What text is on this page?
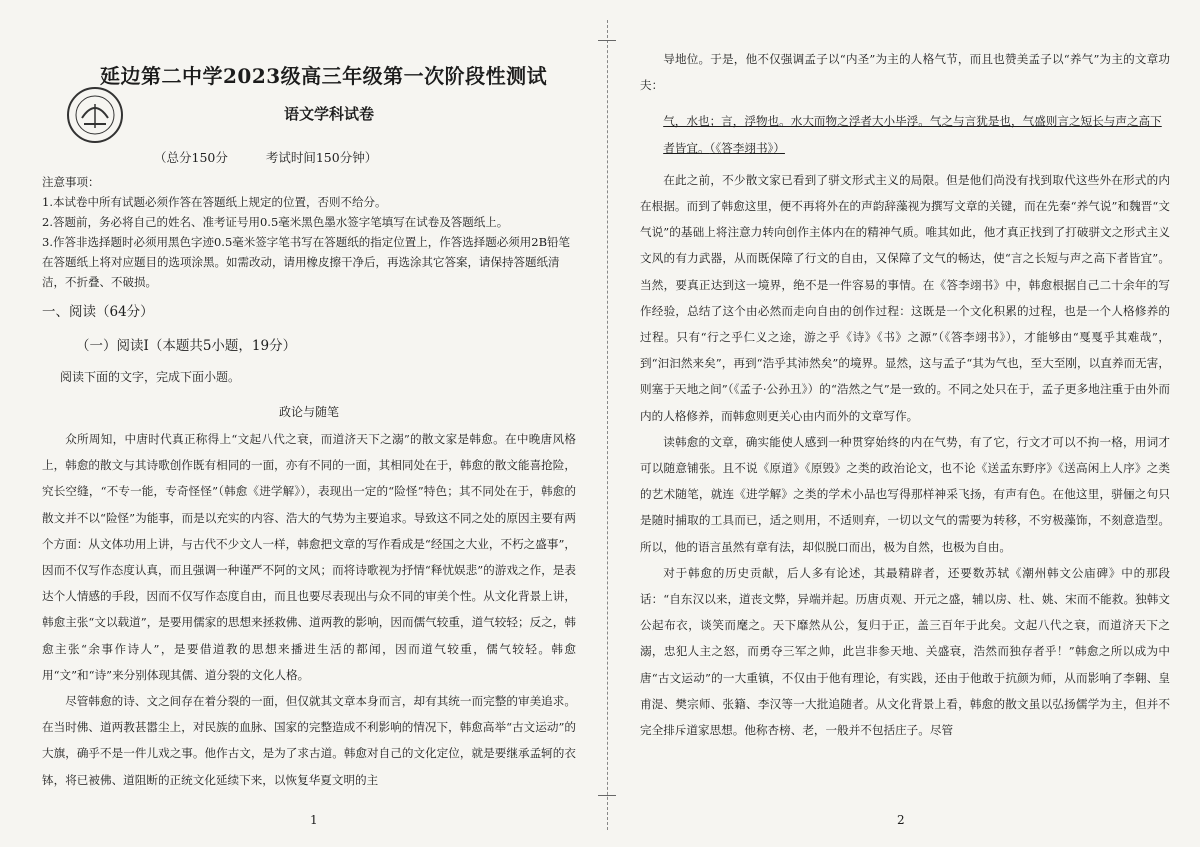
延边第二中学2023级高三年级第一次阶段性测试
语文学科试卷
（总分150分	考试时间150分钟）

注意事项：

1.本试卷中所有试题必须作答在答题纸上规定的位置，否则不给分。

2.答题前，务必将自己的姓名、准考证号用0.5毫米黑色墨水签字笔填写在试卷及答题纸上。

3.作答非选择题时必须用黑色字迹0.5毫米签字笔书写在答题纸的指定位置上，作答选择题必须用2B铅笔在答题纸上将对应题目的选项涂黑。如需改动，请用橡皮擦干净后，再选涂其它答案，请保持答题纸清洁，不折叠、不破损。

一、阅读（64分）
（一）阅读Ⅰ（本题共5小题，19分）
阅读下面的文字，完成下面小题。
政论与随笔

众所周知，中唐时代真正称得上“文起八代之衰，而道济天下之溺”的散文家是韩愈。在中晚唐风格上，韩愈的散文与其诗歌创作既有相同的一面，亦有不同的一面，其相同处在于，韩愈的散文能喜抢险，究长空缝，“不专一能，专奇怪怪”（韩愈《进学解》），表现出一定的“险怪”特色；其不同处在于，韩愈的散文并不以“险怪”为能事，而是以充实的内容、浩大的气势为主要追求。导致这不同之处的原因主要有两个方面：从文体功用上讲，与古代不少文人一样，韩愈把文章的写作看成是“经国之大业，不朽之盛事”，因而不仅写作态度认真，而且强调一种谨严不阿的文风；而将诗歌视为抒情“释忧娱悲”的游戏之作，是表达个人情感的手段，因而不仅写作态度自由，而且也要尽表现出与众不同的审美个性。从文化背景上讲，韩愈主张“文以载道”，是要用儒家的思想来拯救佛、道两教的影响，因而儒气较重，道气较轻；反之，韩愈主张“余事作诗人”，是要借道教的思想来播进生活的都闻，因而道气较重，儒气较轻。韩愈用“文”和“诗”来分别体现其儒、道分裂的文化人格。

尽管韩愈的诗、文之间存在着分裂的一面，但仅就其文章本身而言，却有其统一而完整的审美追求。在当时佛、道两教甚嚣尘上，对民族的血脉、国家的完整造成不利影响的情况下，韩愈高举“古文运动”的大旗，确乎不是一件儿戏之事。他作古文，是为了求古道。韩愈对自己的文化定位，就是要继承孟轲的衣钵，将已被佛、道阻断的正统文化延续下来，以恢复华夏文明的主

1

导地位。于是，他不仅强调孟子以“内圣”为主的人格气节，而且也赞美孟子以“养气”为主的文章功夫：

气，水也；言，浮物也。水大而物之浮者大小毕浮。气之与言犹是也，气盛则言之短长与声之高下者皆宜。（《答李翊书》）

在此之前，不少散文家已看到了骈文形式主义的局限。但是他们尚没有找到取代这些外在形式的内在根据。而到了韩愈这里，便不再将外在的声韵辞藻视为撰写文章的关键，而在先秦“养气说”和魏晋“文气说”的基础上将注意力转向创作主体内在的精神气质。唯其如此，他才真正找到了打破骈文之形式主义文风的有力武器，从而既保障了行文的自由，又保障了文气的畅达，使“言之长短与声之高下者皆宜”。当然，要真正达到这一境界，绝不是一件容易的事情。在《答李翊书》中，韩愈根据自己二十余年的写作经验，总结了这个由必然而走向自由的创作过程：这既是一个文化积累的过程，也是一个人格修养的过程。只有“行之乎仁义之途，游之乎《诗》《书》之源”（《答李翊书》），才能够由“戛戛乎其难哉”，到“汩汩然来矣”，再到“浩乎其沛然矣”的境界。显然，这与孟子“其为气也，至大至刚，以直养而无害，则塞于天地之间”（《孟子·公孙丑》）的“浩然之气”是一致的。不同之处只在于，孟子更多地注重于由外而内的人格修养，而韩愈则更关心由内而外的文章写作。

读韩愈的文章，确实能使人感到一种贯穿始终的内在气势，有了它，行文才可以不拘一格，用词才可以随意铺张。且不说《原道》《原毁》之类的政治论文，也不论《送孟东野序》《送高闲上人序》之类的艺术随笔，就连《进学解》之类的学术小品也写得那样神采飞扬，有声有色。在他这里，骈俪之句只是随时捕取的工具而已，适之则用，不适则弃，一切以文气的需要为转移，不穷极藻饰，不刻意造型。所以，他的语言虽然有章有法，却似脱口而出，极为自然，也极为自由。

对于韩愈的历史贡献，后人多有论述，其最精辟者，还要数苏轼《潮州韩文公庙碑》中的那段话：“自东汉以来，道丧文弊，异端并起。历唐贞观、开元之盛，辅以房、杜、姚、宋而不能救。独韩文公起布衣，谈笑而麾之。天下靡然从公，复归于正，盖三百年于此矣。文起八代之衰，而道济天下之溺，忠犯人主之怒，而勇夺三军之帅，此岂非参天地、关盛衰，浩然而独存者乎！”韩愈之所以成为中唐“古文运动”的一大重镇，不仅由于他有理论，有实践，还由于他敢于抗颜为师，从而影响了李翱、皇甫湜、樊宗师、张籍、李汉等一大批追随者。从文化背景上看，韩愈的散文虽以弘扬儒学为主，但并不完全排斥道家思想。他称杏榜、老，一般并不包括庄子。尽管

2
